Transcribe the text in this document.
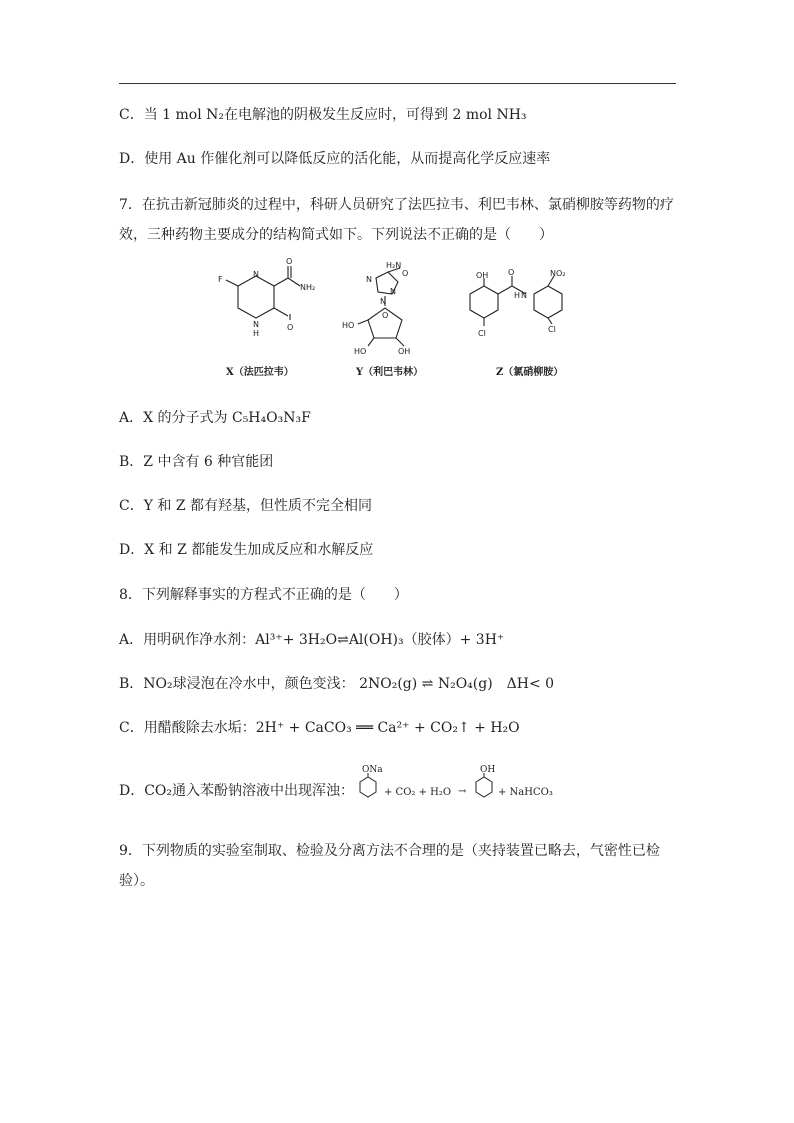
C．当 1 mol N₂在电解池的阴极发生反应时，可得到 2 mol NH₃
D．使用 Au 作催化剂可以降低反应的活化能，从而提高化学反应速率
7．在抗击新冠肺炎的过程中，科研人员研究了法匹拉韦、利巴韦林、氯硝柳胺等药物的疗效，三种药物主要成分的结构简式如下。下列说法不正确的是（　　）
F
N
N
H
O
O
NH₂
H₂N
O
N
N
N
O
HO
HO	OH
OH O
N
H
NO₂
Cl	Cl
X（法匹拉韦）	Y（利巴韦林）	Z（氯硝柳胺）
A．X 的分子式为 C₅H₄O₃N₃F
B．Z 中含有 6 种官能团
C．Y 和 Z 都有羟基，但性质不完全相同
D．X 和 Z 都能发生加成反应和水解反应
8．下列解释事实的方程式不正确的是（　　）
A．用明矾作净水剂：Al³⁺+ 3H₂O⇌Al(OH)₃（胶体）+ 3H⁺
B．NO₂球浸泡在冷水中，颜色变浅： 2NO₂(g) ⇌ N₂O₄(g)　ΔH< 0
C．用醋酸除去水垢：2H⁺ + CaCO₃ ══ Ca²⁺ + CO₂↑ + H₂O
D．CO₂通入苯酚钠溶液中出现浑浊：
ONa
+ CO₂ + H₂O →
OH
+ NaHCO₃
9．下列物质的实验室制取、检验及分离方法不合理的是（夹持装置已略去，气密性已检验）。
